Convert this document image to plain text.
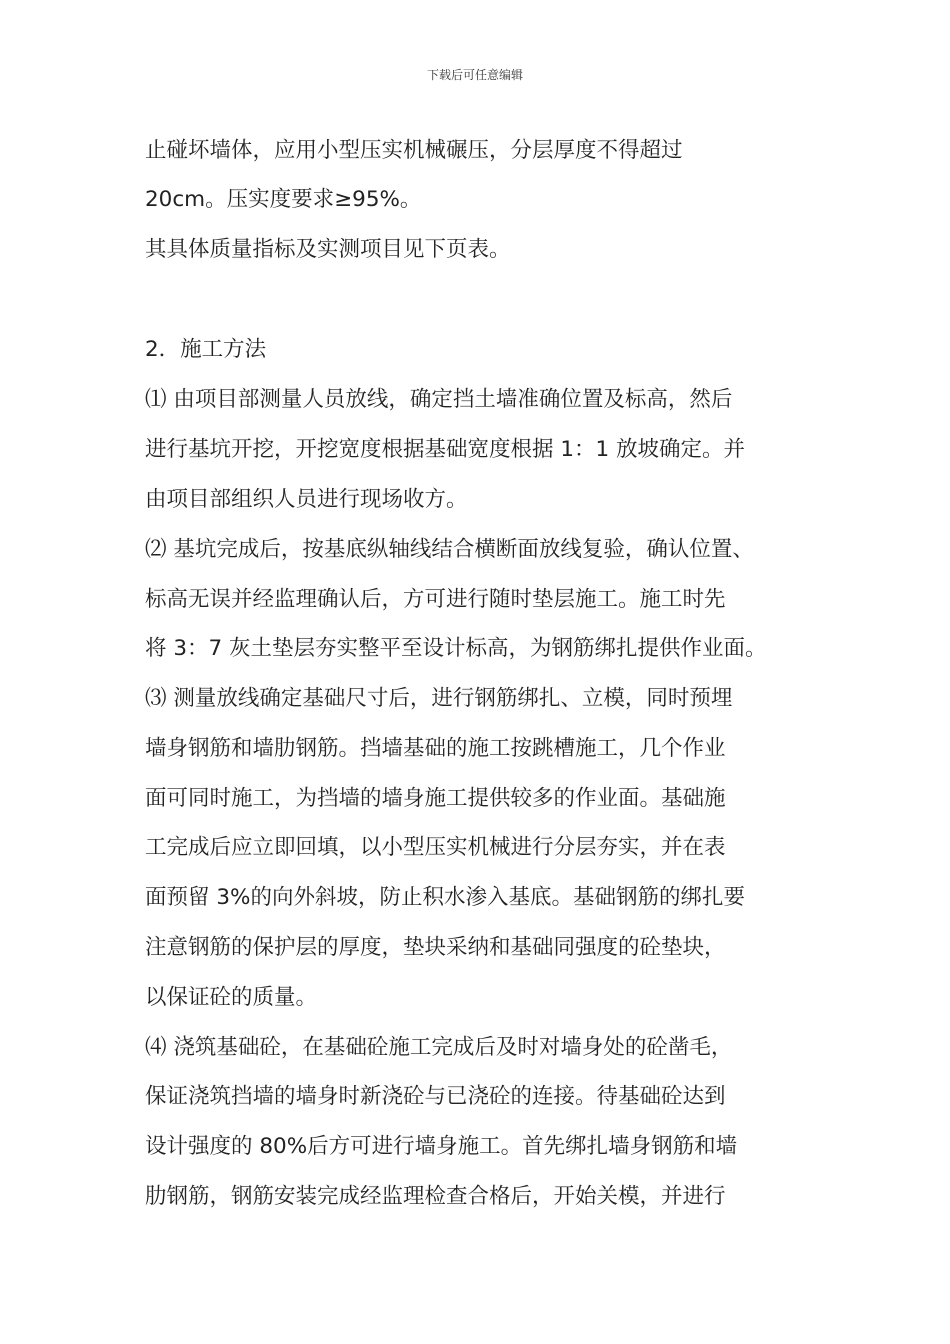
下载后可任意编辑
止碰坏墙体，应用小型压实机械碾压，分层厚度不得超过
20cm。压实度要求≥95%。
其具体质量指标及实测项目见下页表。
2．施工方法
⑴ 由项目部测量人员放线，确定挡土墙准确位置及标高，然后
进行基坑开挖，开挖宽度根据基础宽度根据 1：1 放坡确定。并
由项目部组织人员进行现场收方。
⑵ 基坑完成后，按基底纵轴线结合横断面放线复验，确认位置、
标高无误并经监理确认后，方可进行随时垫层施工。施工时先
将 3：7 灰土垫层夯实整平至设计标高，为钢筋绑扎提供作业面。
⑶ 测量放线确定基础尺寸后，进行钢筋绑扎、立模，同时预埋
墙身钢筋和墙肋钢筋。挡墙基础的施工按跳槽施工，几个作业
面可同时施工，为挡墙的墙身施工提供较多的作业面。基础施
工完成后应立即回填，以小型压实机械进行分层夯实，并在表
面预留 3%的向外斜坡，防止积水渗入基底。基础钢筋的绑扎要
注意钢筋的保护层的厚度，垫块采纳和基础同强度的砼垫块，
以保证砼的质量。
⑷ 浇筑基础砼，在基础砼施工完成后及时对墙身处的砼凿毛，
保证浇筑挡墙的墙身时新浇砼与已浇砼的连接。待基础砼达到
设计强度的 80%后方可进行墙身施工。首先绑扎墙身钢筋和墙
肋钢筋，钢筋安装完成经监理检查合格后，开始关模，并进行
